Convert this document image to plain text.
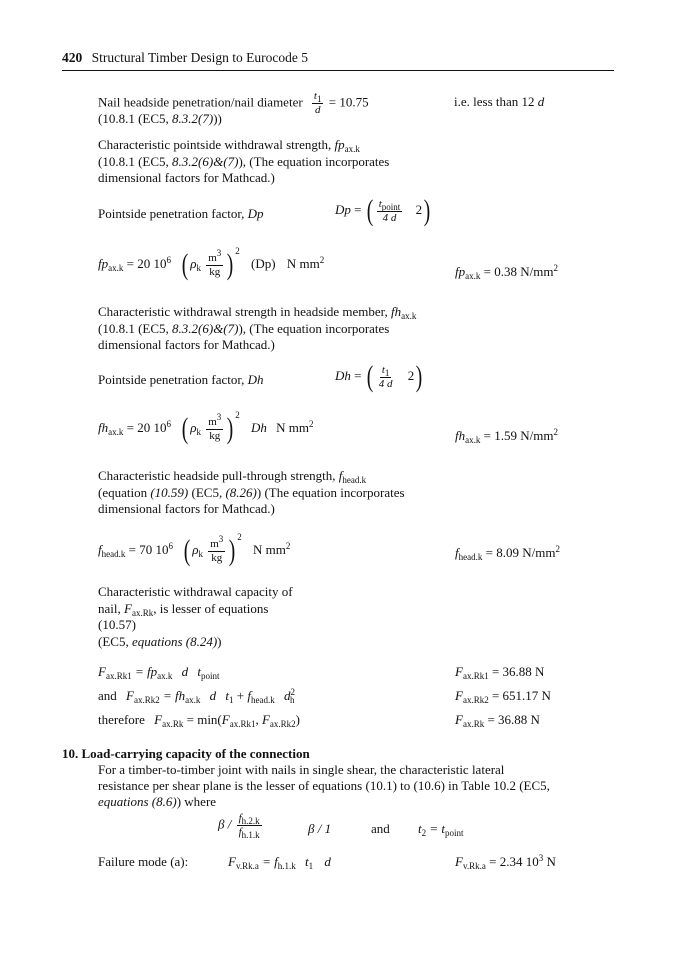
420 Structural Timber Design to Eurocode 5
Nail headside penetration/nail diameter $\frac{t_1}{d} = 10.75$	i.e. less than 12 d
(10.8.1 (EC5, 8.3.2(7)))
Characteristic pointside withdrawal strength, $fp_{ax.k}$
(10.8.1 (EC5, 8.3.2(6)&(7)), (The equation incorporates
dimensional factors for Mathcad.)
Pointside penetration factor, Dp	Dp = ( $\frac{t_{point}}{4 d} 2$)
$fp_{ax.k} = 20$ $10^6$ ( $\rho_k \frac{m^3}{kg}$ ) $^2$ (Dp) N $mm^2$
$fp_{ax.k} = 0.38$ $N/mm^2$
Characteristic withdrawal strength in headside member, $fh_{ax.k}$
(10.8.1 (EC5, 8.3.2(6)&(7)), (The equation incorporates
dimensional factors for Mathcad.)
Pointside penetration factor, Dh	Dh = ( $\frac{t_1}{4 d} 2$)
$fh_{ax.k} = 20$ $10^6$ ( $\rho_k \frac{m^3}{kg}$ ) $^2$ Dh N $mm^2$
$fh_{ax.k} = 1.59$ $N/mm^2$
Characteristic headside pull-through strength, $f_{head.k}$
(equation (10.59) (EC5, (8.26)) (The equation incorporates
dimensional factors for Mathcad.)
$f_{head.k} = 70$ $10^6$ ( $\rho_k \frac{m^3}{kg}$ ) $^2$ N $mm^2$	$f_{head.k} = 8.09$ $N/mm^2$
Characteristic withdrawal capacity of
nail, $F_{ax.Rk}$, is lesser of equations
(10.57)
(EC5, equations (8.24))
$F_{ax.Rk1} = fp_{ax.k}$ d $t_{point}$	$F_{ax.Rk1} = 36.88$ N
and $F_{ax.Rk2} = fh_{ax.k}$ d $t_1 + f_{head.k}$ $d^2_h$	$F_{ax.Rk2} = 651.17$ N
therefore $F_{ax.Rk} = \min(F_{ax.Rk1}$, $F_{ax.Rk2}$)	$F_{ax.Rk} = 36.88$ N
10. Load-carrying capacity of the connection
For a timber-to-timber joint with nails in single shear, the characteristic lateral
resistance per shear plane is the lesser of equations (10.1) to (10.6) in Table 10.2 (EC5,
equations (8.6)) where
β / $\frac{f_{h.2.k}}{f_{h.1.k}}$	β / 1	and $t_2 = t_{point}$
Failure mode (a):	$F_{v.Rk.a} = f_{h.1.k}$ $t_1$ d	$F_{v.Rk.a} = 2.34$ $10^3$ N
